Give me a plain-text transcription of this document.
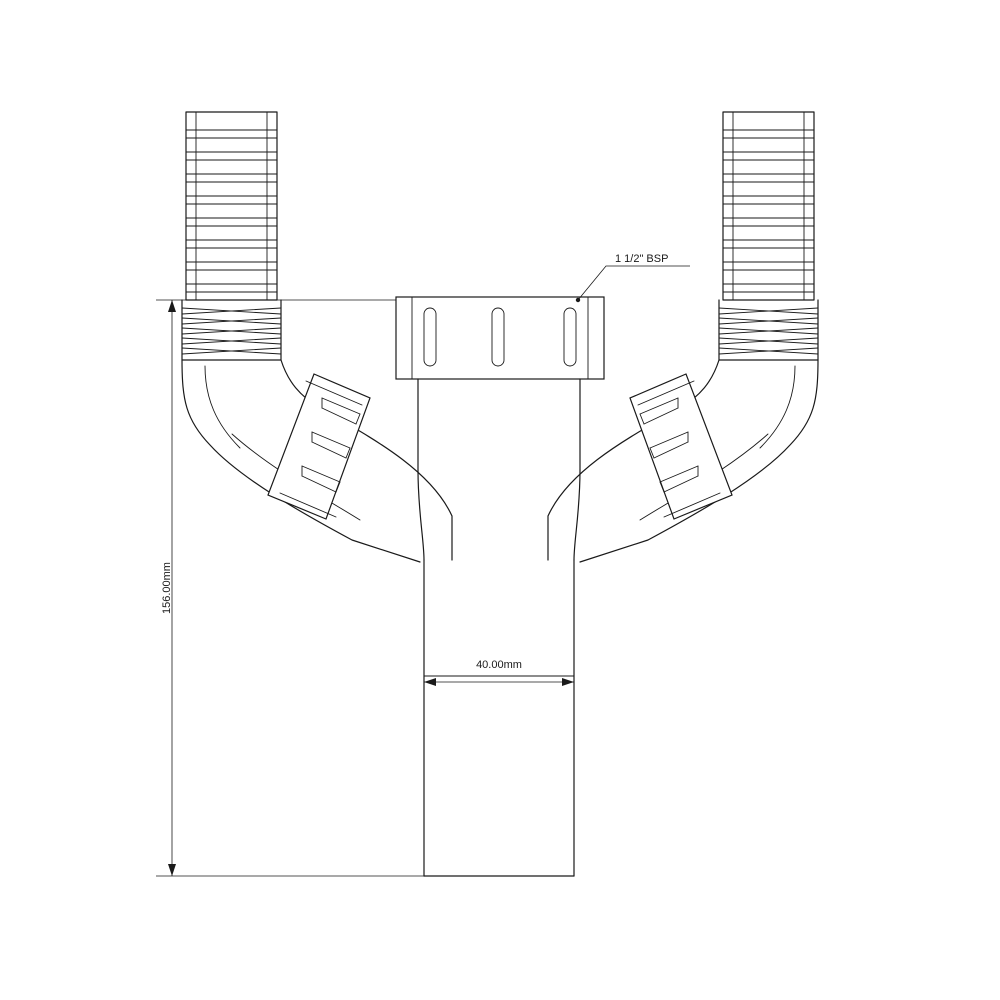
156.00mm
40.00mm
1 1/2" BSP
